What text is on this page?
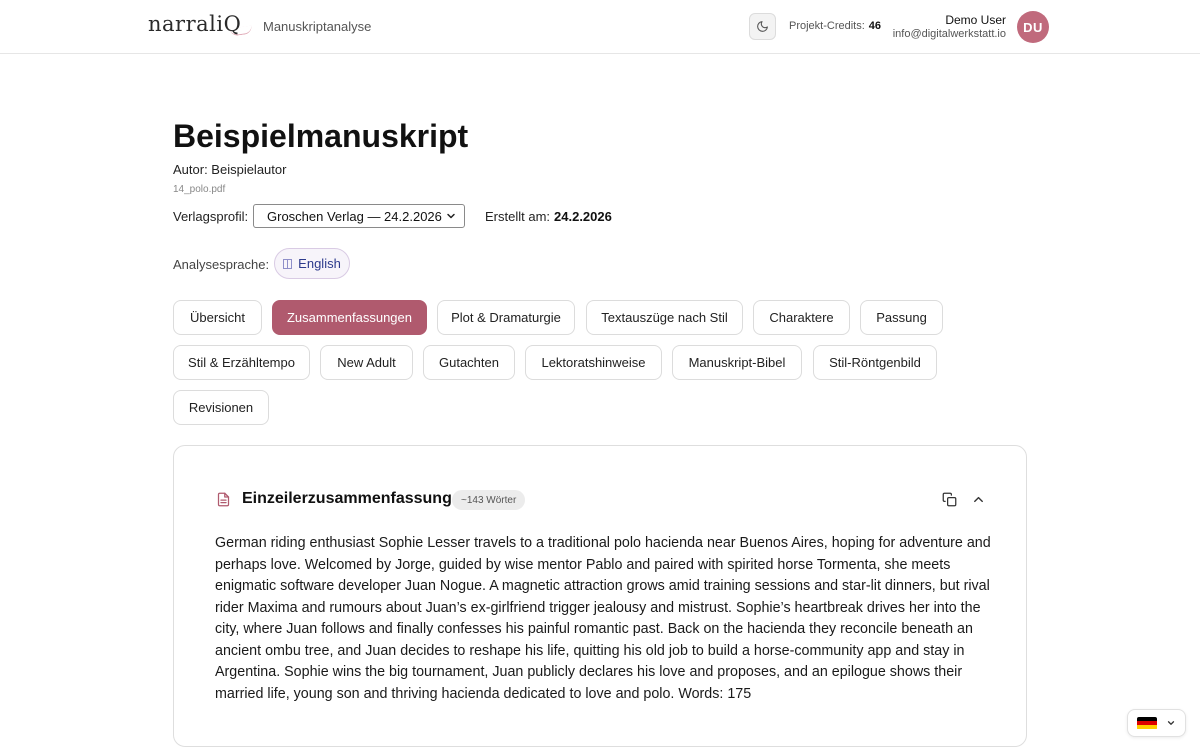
narraliQ Manuskriptanalyse	Projekt-Credits: 46	Demo User
info@digitalwerkstatt.io	DU
Beispielmanuskript
Autor: Beispielautor
14_polo.pdf
Verlagsprofil: Groschen Verlag — 24.2.2026	Erstellt am: 24.2.2026
Analysesprache: English
Übersicht	Zusammenfassungen	Plot & Dramaturgie	Textauszüge nach Stil	Charaktere	Passung
Stil & Erzähltempo	New Adult	Gutachten	Lektoratshinweise	Manuskript-Bibel	Stil-Röntgenbild
Revisionen
Einzeilerzusammenfassung ~143 Wörter

German riding enthusiast Sophie Lesser travels to a traditional polo hacienda near Buenos Aires, hoping for adventure and perhaps love. Welcomed by Jorge, guided by wise mentor Pablo and paired with spirited horse Tormenta, she meets enigmatic software developer Juan Nogue. A magnetic attraction grows amid training sessions and star-lit dinners, but rival rider Maxima and rumours about Juan’s ex-girlfriend trigger jealousy and mistrust. Sophie’s heartbreak drives her into the city, where Juan follows and finally confesses his painful romantic past. Back on the hacienda they reconcile beneath an ancient ombu tree, and Juan decides to reshape his life, quitting his old job to build a horse-community app and stay in Argentina. Sophie wins the big tournament, Juan publicly declares his love and proposes, and an epilogue shows their married life, young son and thriving hacienda dedicated to love and polo. Words: 175
